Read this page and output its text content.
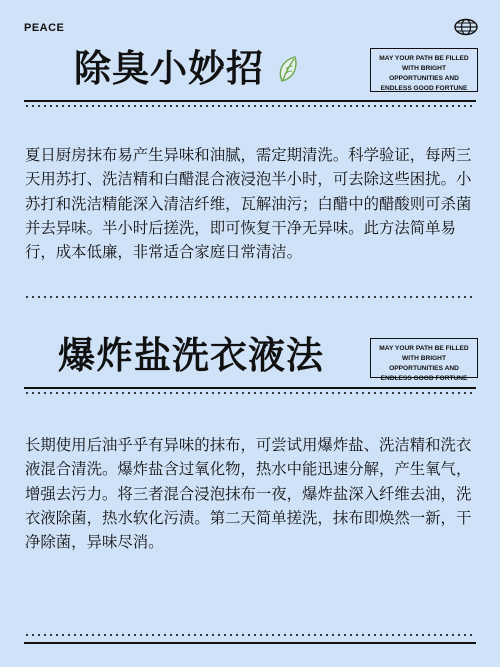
PEACE
除臭小妙招	MAY YOUR PATH BE FILLED WITH BRIGHT OPPORTUNITIES AND ENDLESS GOOD FORTUNE

夏日厨房抹布易产生异味和油腻，需定期清洗。科学验证，每两三天用苏打、洗洁精和白醋混合液浸泡半小时，可去除这些困扰。小苏打和洗洁精能深入清洁纤维，瓦解油污；白醋中的醋酸则可杀菌并去异味。半小时后搓洗，即可恢复干净无异味。此方法简单易行，成本低廉，非常适合家庭日常清洁。

爆炸盐洗衣液法	MAY YOUR PATH BE FILLED WITH BRIGHT OPPORTUNITIES AND ENDLESS GOOD FORTUNE

长期使用后油乎乎有异味的抹布，可尝试用爆炸盐、洗洁精和洗衣液混合清洗。爆炸盐含过氧化物，热水中能迅速分解，产生氧气，增强去污力。将三者混合浸泡抹布一夜，爆炸盐深入纤维去油，洗衣液除菌，热水软化污渍。第二天简单搓洗，抹布即焕然一新，干净除菌，异味尽消。
